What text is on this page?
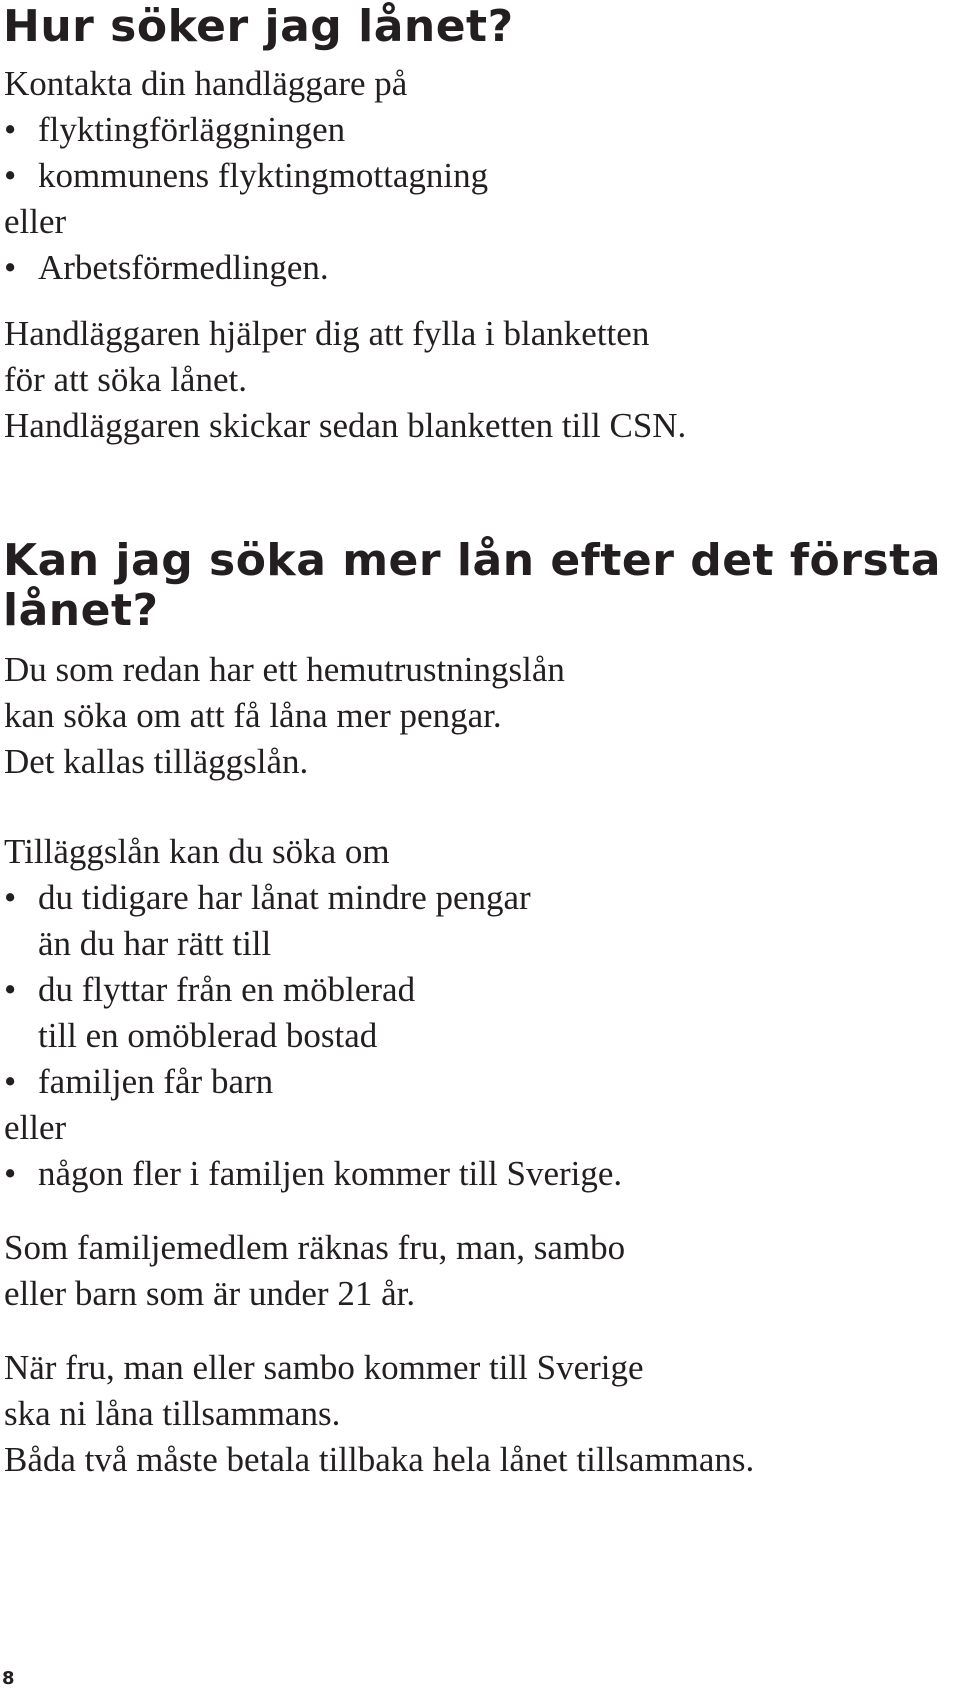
Hur söker jag lånet?

Kontakta din handläggare på

• flyktingförläggningen

• kommunens flyktingmottagning

eller

• Arbetsförmedlingen.

Handläggaren hjälper dig att fylla i blanketten

för att söka lånet.

Handläggaren skickar sedan blanketten till CSN.

Kan jag söka mer lån efter det första
lånet?

Du som redan har ett hemutrustningslån

kan söka om att få låna mer pengar.

Det kallas tilläggslån.

Tilläggslån kan du söka om

• du tidigare har lånat mindre pengar

än du har rätt till

• du flyttar från en möblerad

till en omöblerad bostad

• familjen får barn

eller

• någon fler i familjen kommer till Sverige.

Som familjemedlem räknas fru, man, sambo

eller barn som är under 21 år.

När fru, man eller sambo kommer till Sverige

ska ni låna tillsammans.

Båda två måste betala tillbaka hela lånet tillsammans.

8
